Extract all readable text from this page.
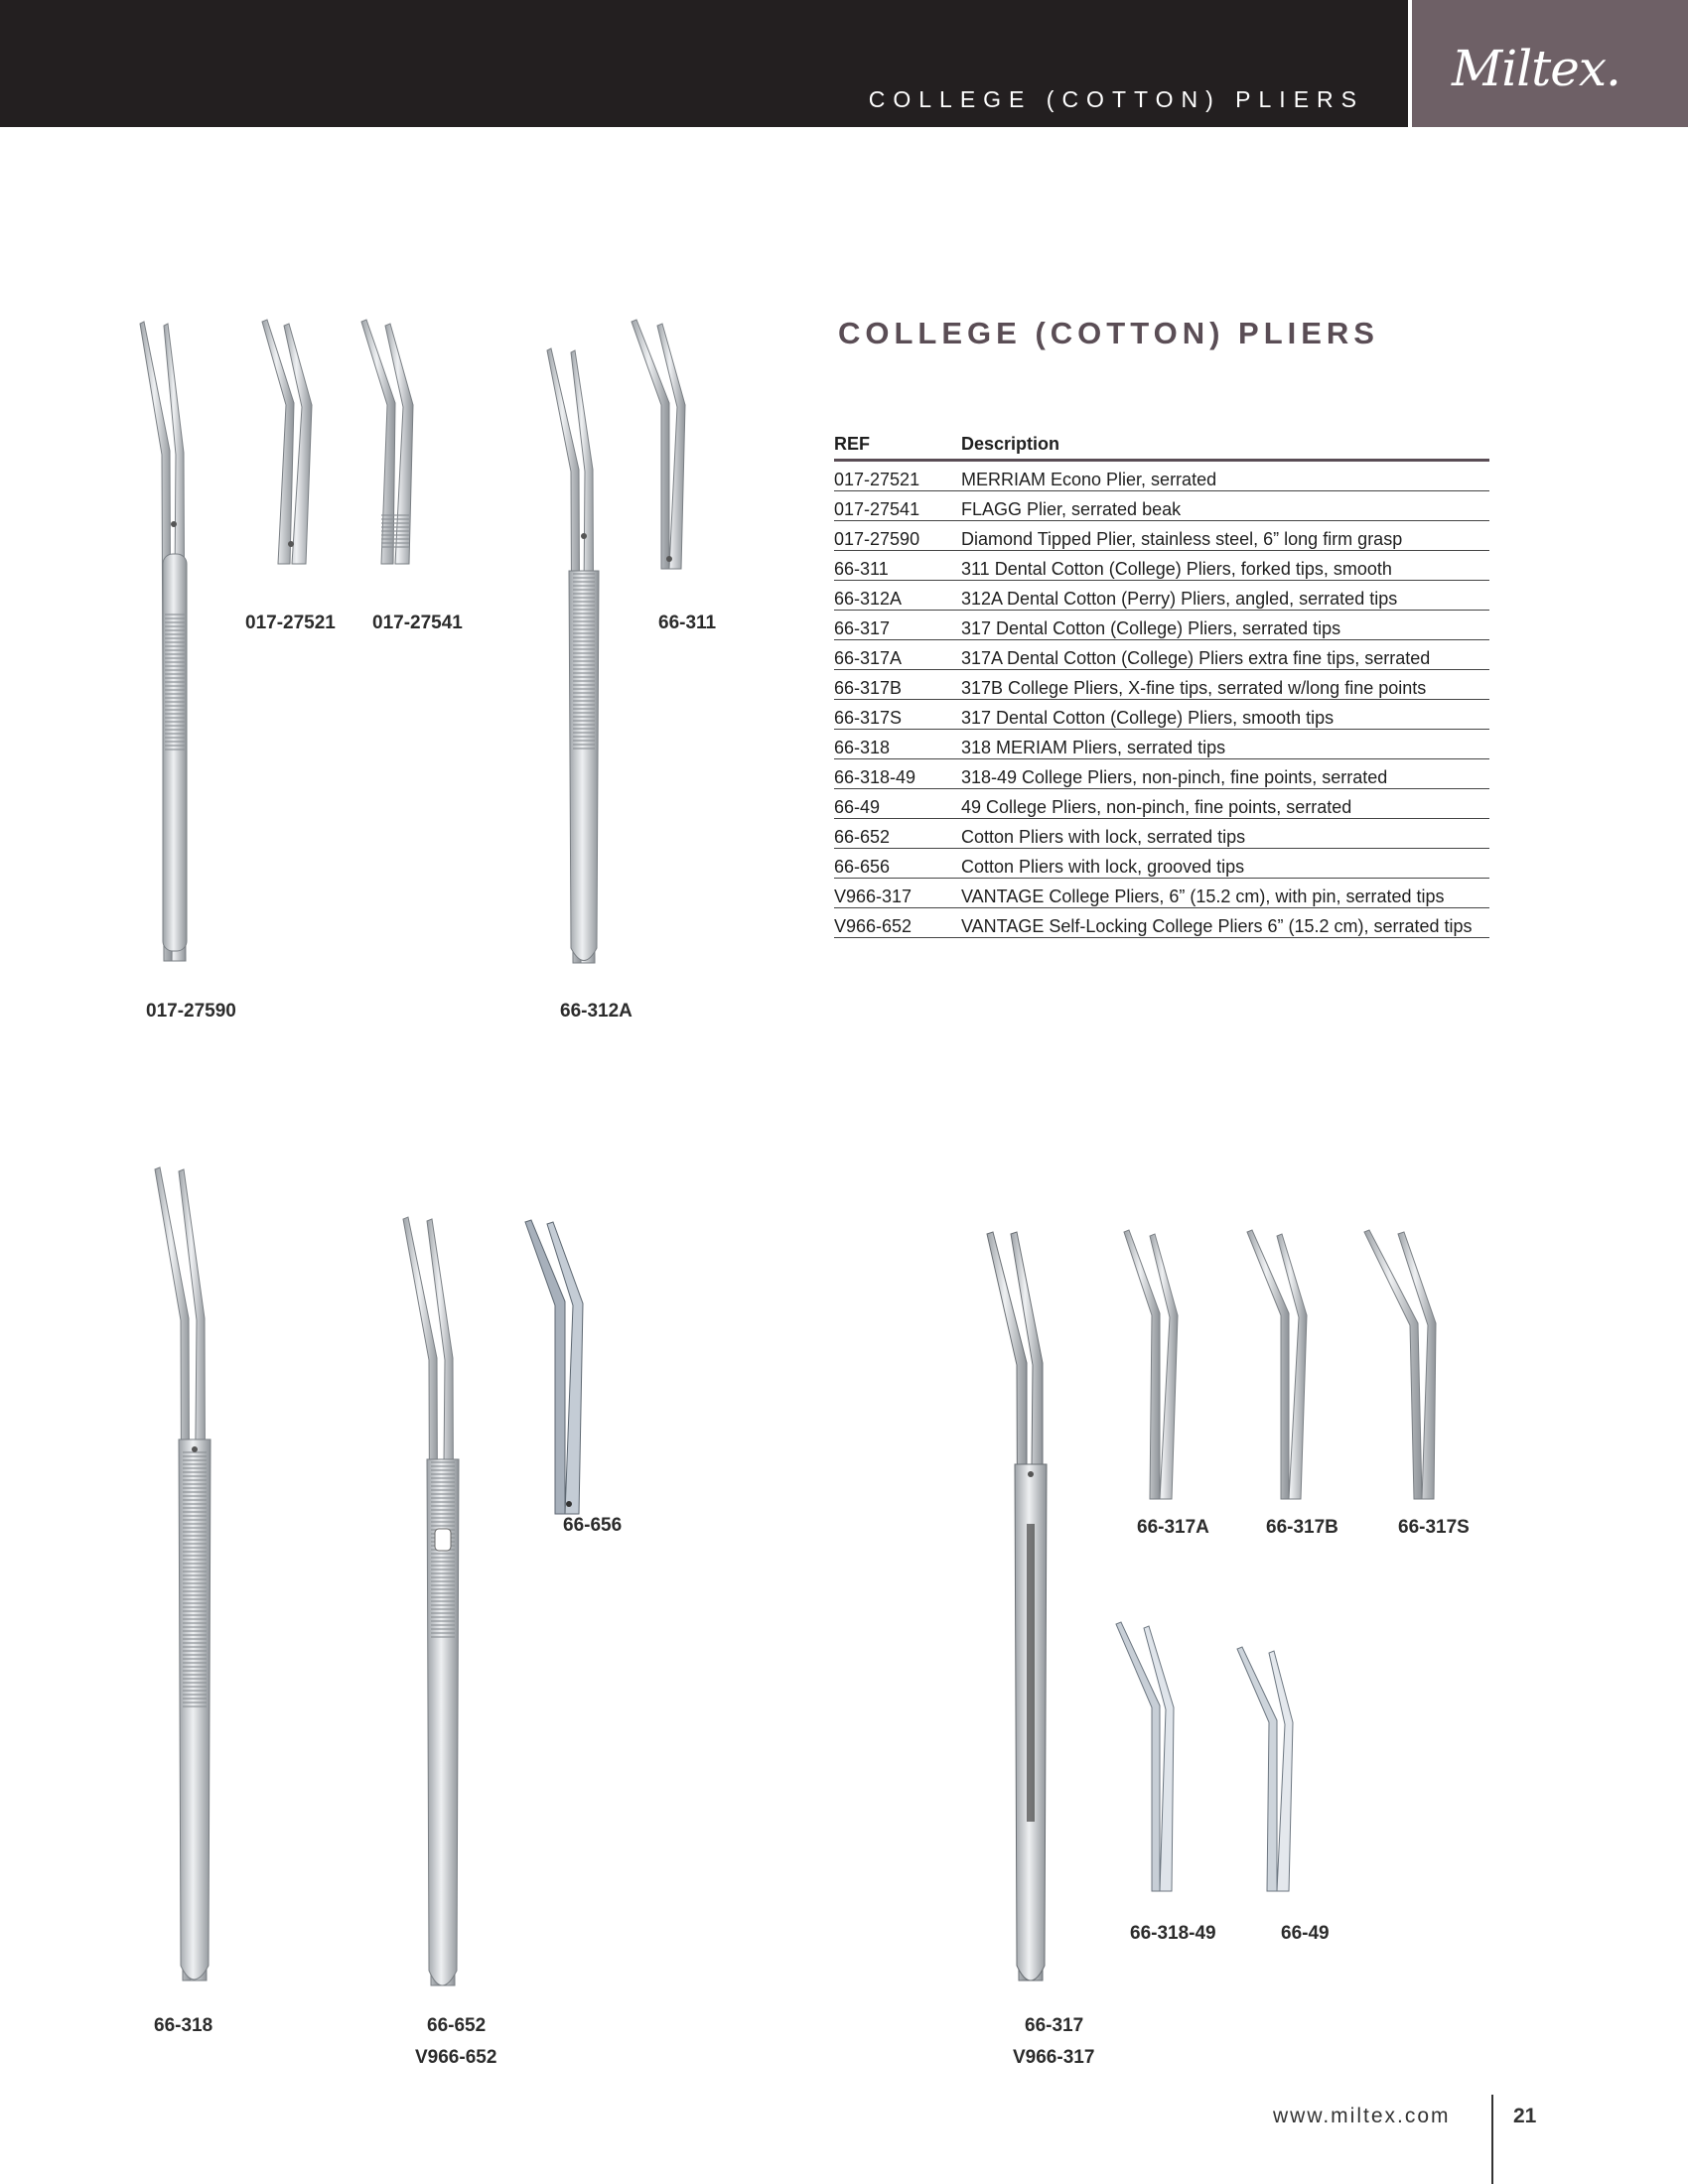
COLLEGE (COTTON) PLIERS
Miltex.
COLLEGE (COTTON) PLIERS
REF	Description
017-27521	MERRIAM Econo Plier, serrated
017-27541	FLAGG Plier, serrated beak
017-27590	Diamond Tipped Plier, stainless steel, 6” long firm grasp
66-311	311 Dental Cotton (College) Pliers, forked tips, smooth
66-312A	312A Dental Cotton (Perry) Pliers, angled, serrated tips
66-317	317 Dental Cotton (College) Pliers, serrated tips
66-317A	317A Dental Cotton (College) Pliers extra fine tips, serrated
66-317B	317B College Pliers, X-fine tips, serrated w/long fine points
66-317S	317 Dental Cotton (College) Pliers, smooth tips
66-318	318 MERIAM Pliers, serrated tips
66-318-49	318-49 College Pliers, non-pinch, fine points, serrated
66-49	49 College Pliers, non-pinch, fine points, serrated
66-652	Cotton Pliers with lock, serrated tips
66-656	Cotton Pliers with lock, grooved tips
V966-317	VANTAGE College Pliers, 6” (15.2 cm), with pin, serrated tips
V966-652	VANTAGE Self-Locking College Pliers 6” (15.2 cm), serrated tips
017-27521 017-27541	66-311
017-27590	66-312A
66-656	66-317A	66-317B	66-317S
66-318-49	66-49
66-318	66-652
V966-652
66-317
V966-317
www.miltex.com	21
